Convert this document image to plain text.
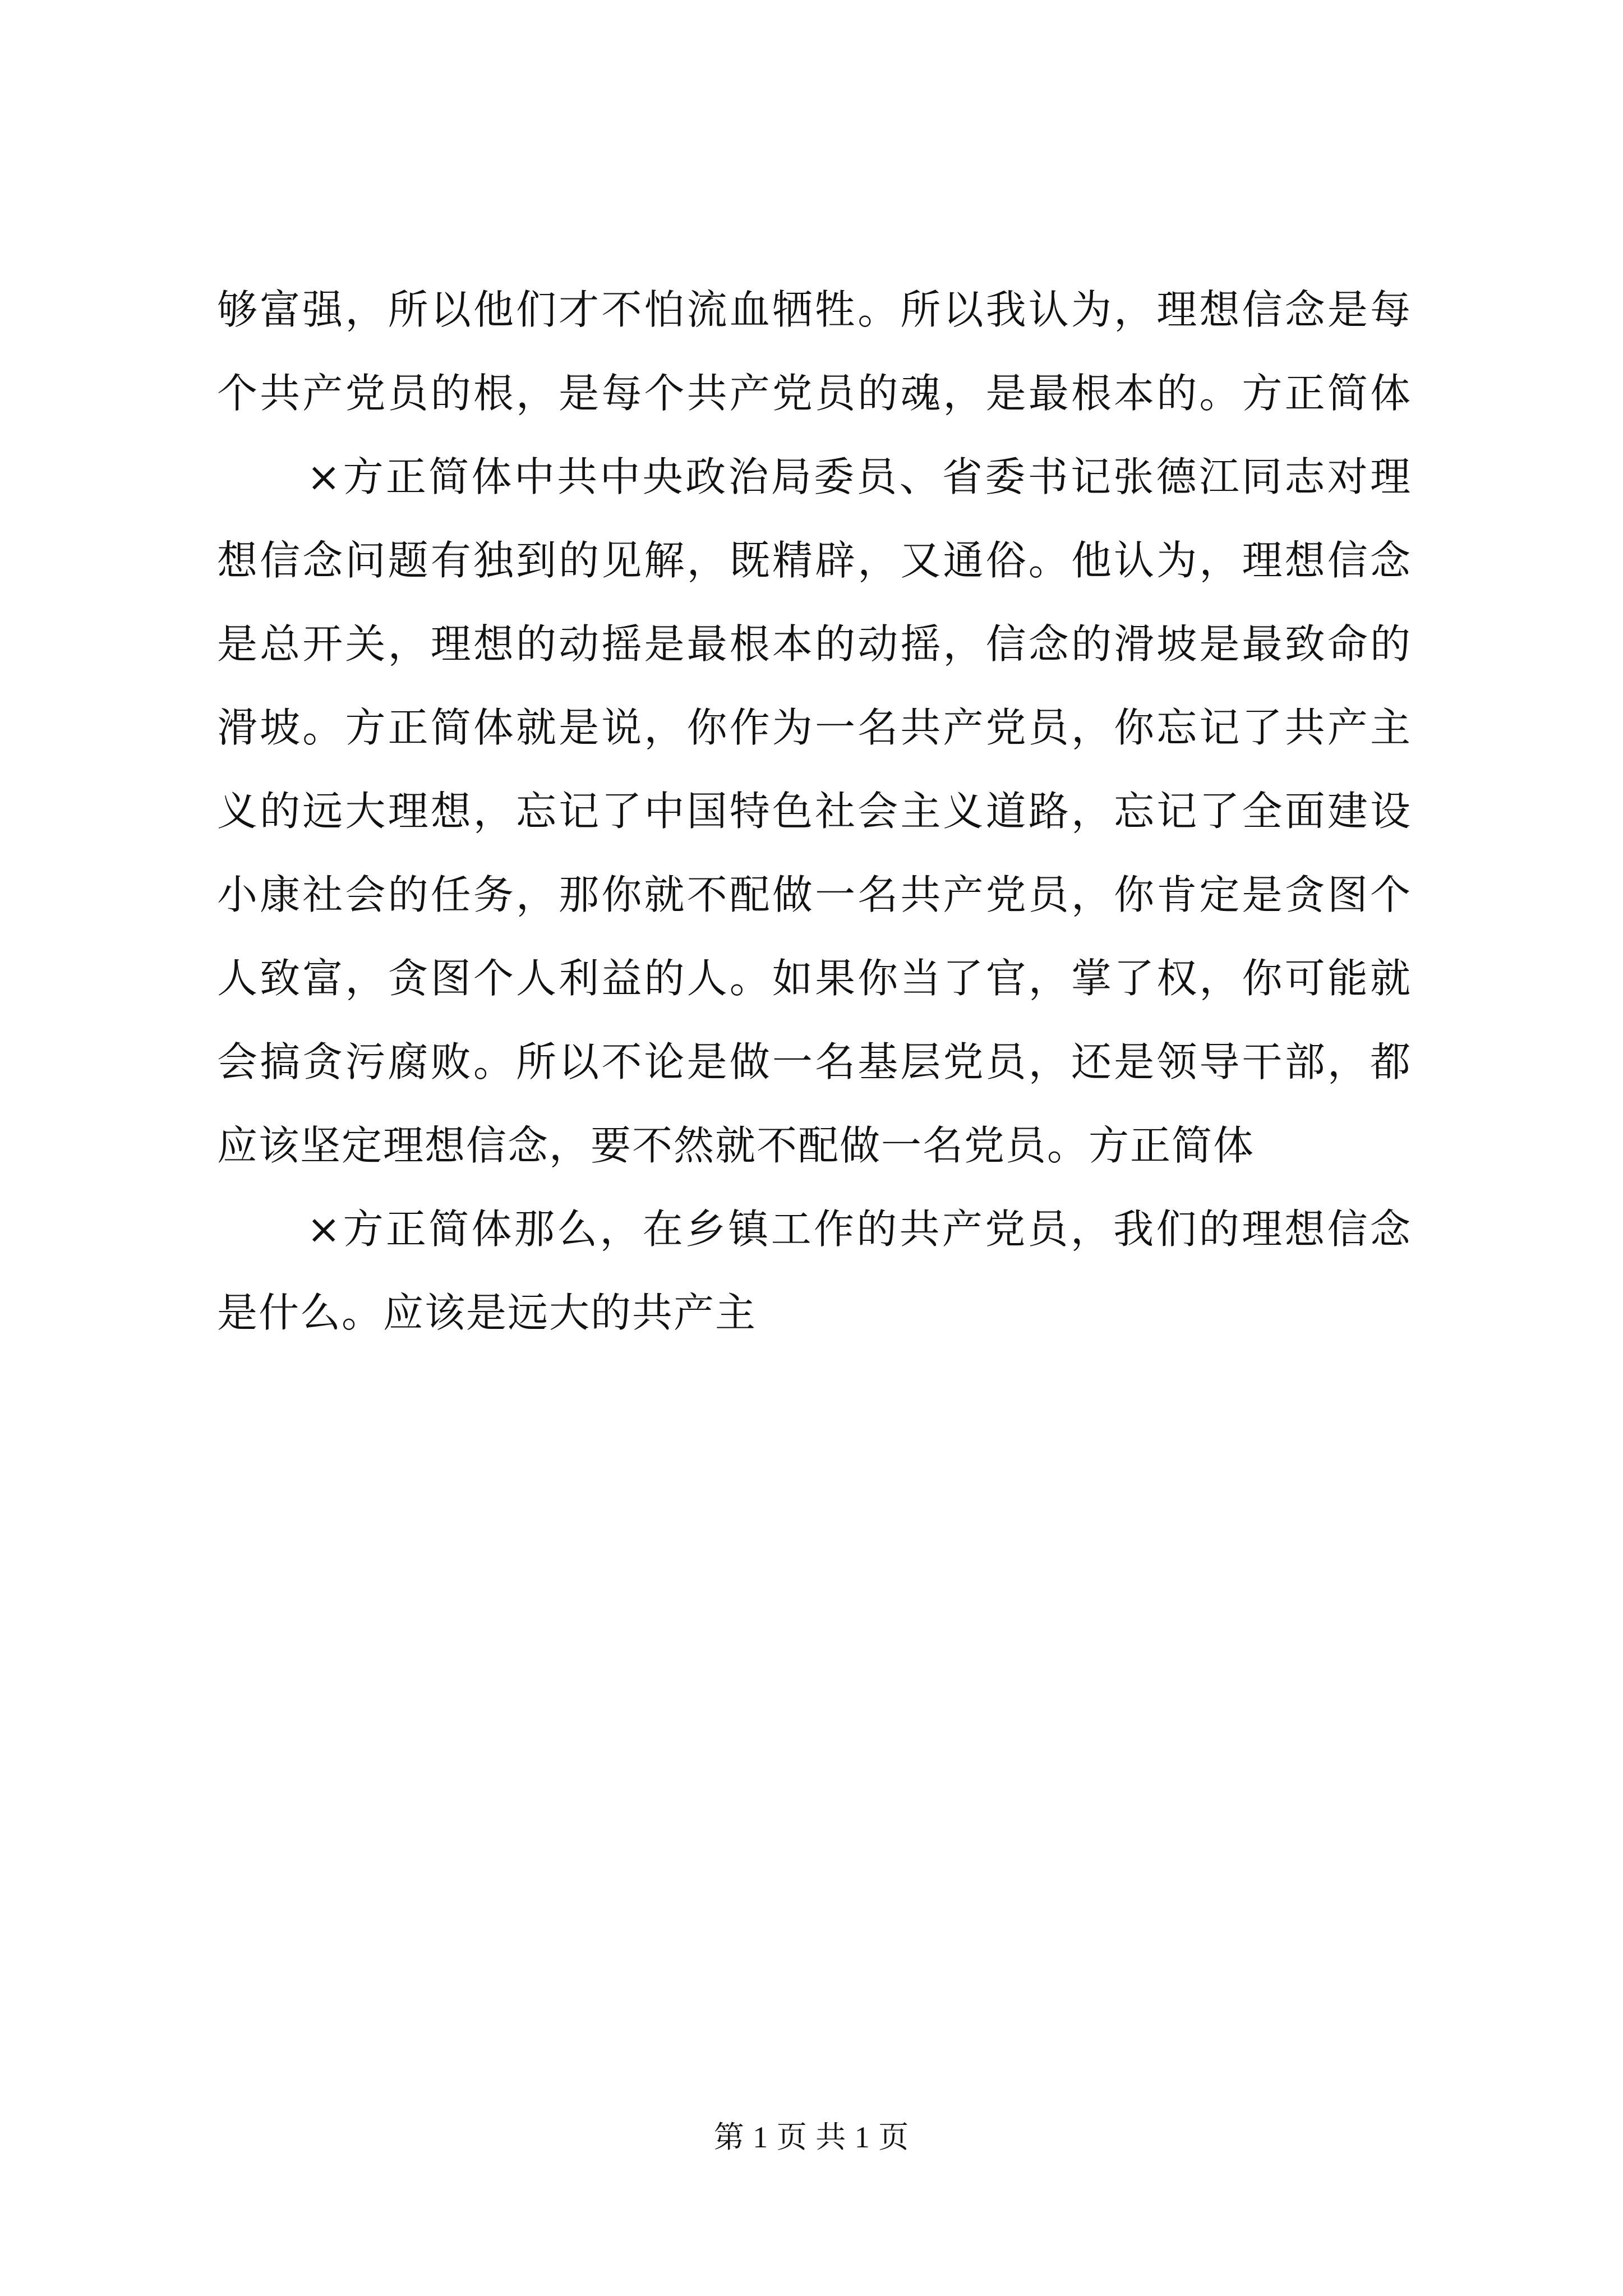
够富强，所以他们才不怕流血牺牲。所以我认为，理想信念是每
个共产党员的根，是每个共产党员的魂，是最根本的。方正简体
×方正简体中共中央政治局委员、省委书记张德江同志对理
想信念问题有独到的见解，既精辟，又通俗。他认为，理想信念
是总开关，理想的动摇是最根本的动摇，信念的滑坡是最致命的
滑坡。方正简体就是说，你作为一名共产党员，你忘记了共产主
义的远大理想，忘记了中国特色社会主义道路，忘记了全面建设
小康社会的任务，那你就不配做一名共产党员，你肯定是贪图个
人致富，贪图个人利益的人。如果你当了官，掌了权，你可能就
会搞贪污腐败。所以不论是做一名基层党员，还是领导干部，都
应该坚定理想信念，要不然就不配做一名党员。方正简体
×方正简体那么，在乡镇工作的共产党员，我们的理想信念
是什么。应该是远大的共产主
第 1 页 共 1 页
